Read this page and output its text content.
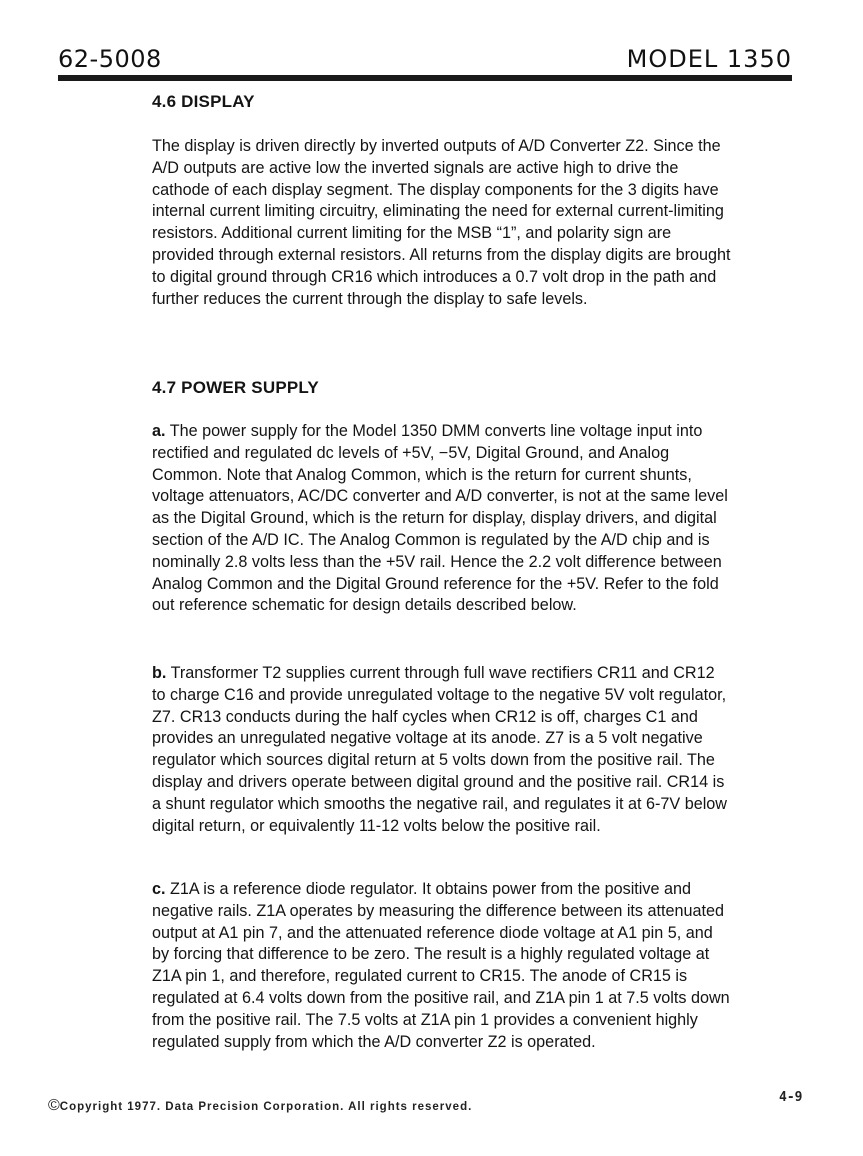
62-5008	MODEL 1350
4.6 DISPLAY

The display is driven directly by inverted outputs of A/D Converter Z2. Since the A/D outputs are active low the inverted signals are active high to drive the cathode of each display segment. The display components for the 3 digits have internal current limiting circuitry, eliminating the need for external current-limiting resistors. Additional current limiting for the MSB “1”, and polarity sign are provided through external resistors. All returns from the display digits are brought to digital ground through CR16 which introduces a 0.7 volt drop in the path and further reduces the current through the display to safe levels.

4.7 POWER SUPPLY

a. The power supply for the Model 1350 DMM converts line voltage input into rectified and regulated dc levels of +5V, −5V, Digital Ground, and Analog Common. Note that Analog Common, which is the return for current shunts, voltage attenuators, AC/DC converter and A/D converter, is not at the same level as the Digital Ground, which is the return for display, display drivers, and digital section of the A/D IC. The Analog Common is regulated by the A/D chip and is nominally 2.8 volts less than the +5V rail. Hence the 2.2 volt difference between Analog Common and the Digital Ground reference for the +5V. Refer to the fold out reference schematic for design details described below.

b. Transformer T2 supplies current through full wave rectifiers CR11 and CR12 to charge C16 and provide unregulated voltage to the negative 5V volt regulator, Z7. CR13 conducts during the half cycles when CR12 is off, charges C1 and provides an unregulated negative voltage at its anode. Z7 is a 5 volt negative regulator which sources digital return at 5 volts down from the positive rail. The display and drivers operate between digital ground and the positive rail. CR14 is a shunt regulator which smooths the negative rail, and regulates it at 6-7V below digital return, or equivalently 11-12 volts below the positive rail.

c. Z1A is a reference diode regulator. It obtains power from the positive and negative rails. Z1A operates by measuring the difference between its attenuated output at A1 pin 7, and the attenuated reference diode voltage at A1 pin 5, and by forcing that difference to be zero. The result is a highly regulated voltage at Z1A pin 1, and therefore, regulated current to CR15. The anode of CR15 is regulated at 6.4 volts down from the positive rail, and Z1A pin 1 at 7.5 volts down from the positive rail. The 7.5 volts at Z1A pin 1 provides a convenient highly regulated supply from which the A/D converter Z2 is operated.

©Copyright 1977. Data Precision Corporation. All rights reserved.
4-9
